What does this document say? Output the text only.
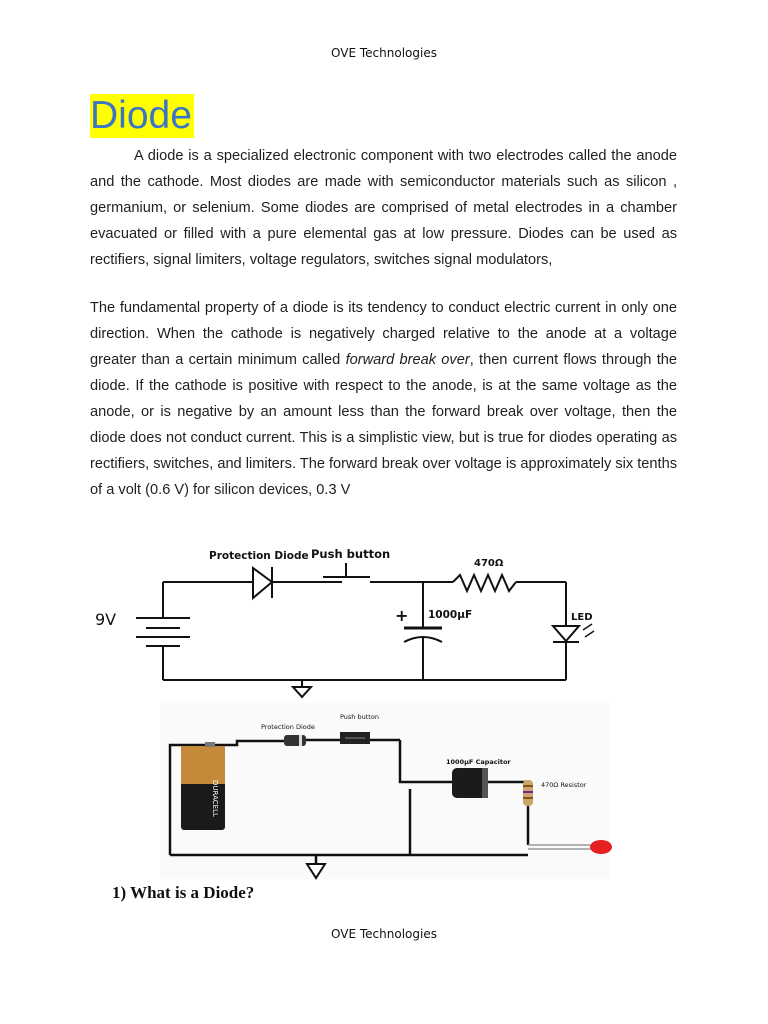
OVE Technologies
Diode

A diode is a specialized electronic component with two electrodes called the anode and the cathode. Most diodes are made with semiconductor materials such as silicon , germanium, or selenium. Some diodes are comprised of metal electrodes in a chamber evacuated or filled with a pure elemental gas at low pressure. Diodes can be used as rectifiers, signal limiters, voltage regulators, switches signal modulators,

The fundamental property of a diode is its tendency to conduct electric current in only one direction. When the cathode is negatively charged relative to the anode at a voltage greater than a certain minimum called forward break over, then current flows through the diode. If the cathode is positive with respect to the anode, is at the same voltage as the anode, or is negative by an amount less than the forward break over voltage, then the diode does not conduct current. This is a simplistic view, but is true for diodes operating as rectifiers, switches, and limiters. The forward break over voltage is approximately six tenths of a volt (0.6 V) for silicon devices, 0.3 V

Protection Diode Push button
470Ω
9V	+ 1000µF	LED
DURACELL
Protection Diode
Push button
1000µF Capacitor
470Ω Resistor
1) What is a Diode?
OVE Technologies
